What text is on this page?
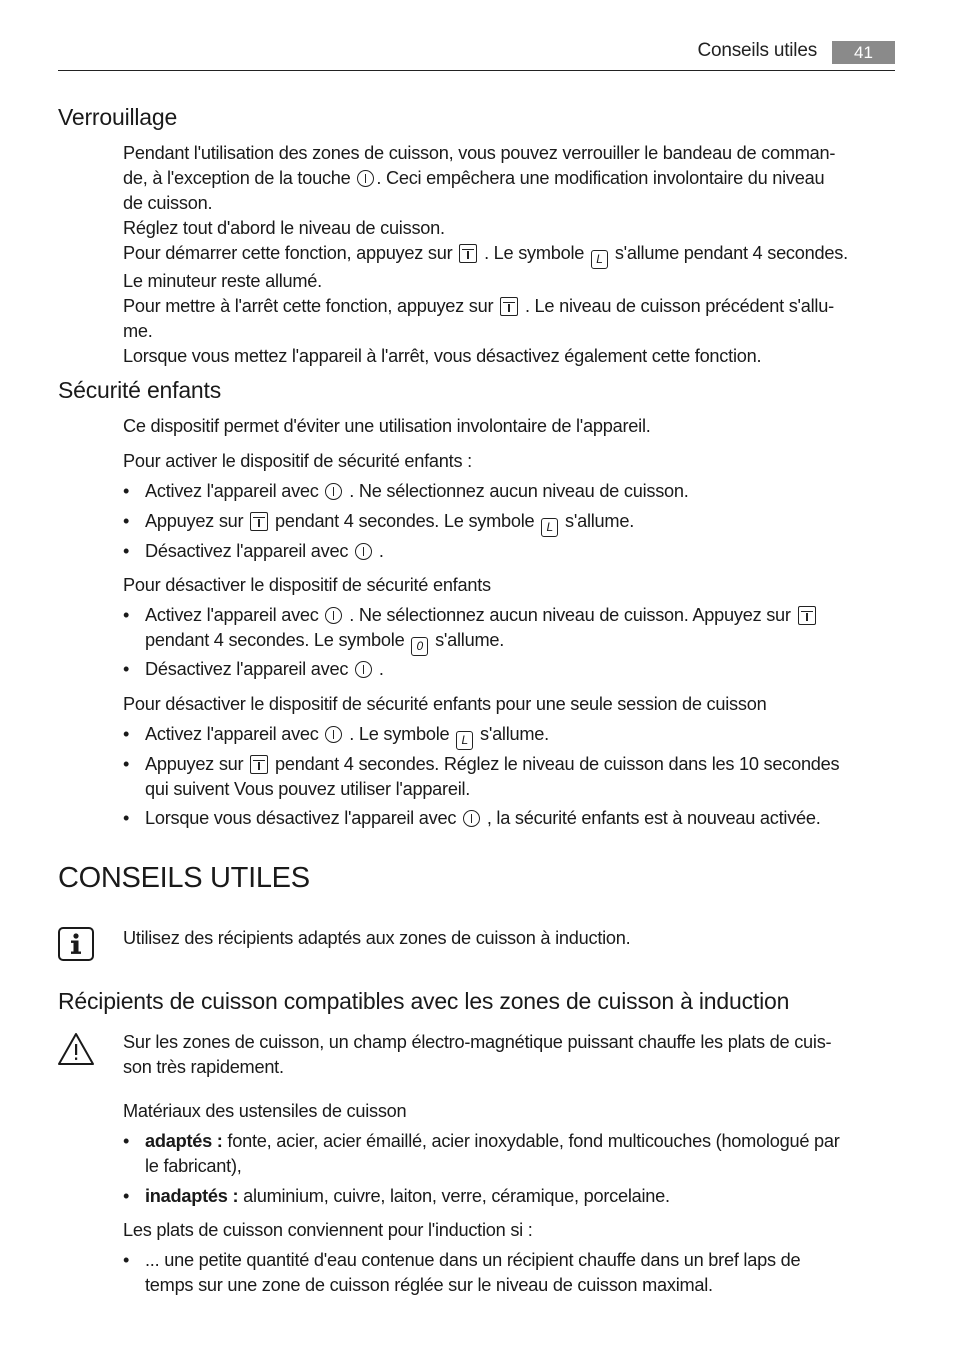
Conseils utiles	41
Verrouillage

Pendant l'utilisation des zones de cuisson, vous pouvez verrouiller le bandeau de comman-

de, à l'exception de la touche . Ceci empêchera une modification involontaire du niveau

de cuisson.

Réglez tout d'abord le niveau de cuisson.

Pour démarrer cette fonction, appuyez sur . Le symbole L s'allume pendant 4 secondes.

Le minuteur reste allumé.

Pour mettre à l'arrêt cette fonction, appuyez sur . Le niveau de cuisson précédent s'allu-

me.

Lorsque vous mettez l'appareil à l'arrêt, vous désactivez également cette fonction.

Sécurité enfants
Ce dispositif permet d'éviter une utilisation involontaire de l'appareil.
Pour activer le dispositif de sécurité enfants :
• Activez l'appareil avec . Ne sélectionnez aucun niveau de cuisson.
• Appuyez sur pendant 4 secondes. Le symbole L s'allume.
• Désactivez l'appareil avec .
Pour désactiver le dispositif de sécurité enfants
• Activez l'appareil avec . Ne sélectionnez aucun niveau de cuisson. Appuyez sur
pendant 4 secondes. Le symbole 0 s'allume.
• Désactivez l'appareil avec .
Pour désactiver le dispositif de sécurité enfants pour une seule session de cuisson
• Activez l'appareil avec . Le symbole L s'allume.
• Appuyez sur pendant 4 secondes. Réglez le niveau de cuisson dans les 10 secondes
qui suivent Vous pouvez utiliser l'appareil.
• Lorsque vous désactivez l'appareil avec , la sécurité enfants est à nouveau activée.
CONSEILS UTILES
Utilisez des récipients adaptés aux zones de cuisson à induction.
Récipients de cuisson compatibles avec les zones de cuisson à induction

Sur les zones de cuisson, un champ électro-magnétique puissant chauffe les plats de cuis-

son très rapidement.

Matériaux des ustensiles de cuisson
• adaptés : fonte, acier, acier émaillé, acier inoxydable, fond multicouches (homologué par
le fabricant),
• inadaptés : aluminium, cuivre, laiton, verre, céramique, porcelaine.
Les plats de cuisson conviennent pour l'induction si :
• ... une petite quantité d'eau contenue dans un récipient chauffe dans un bref laps de
temps sur une zone de cuisson réglée sur le niveau de cuisson maximal.
